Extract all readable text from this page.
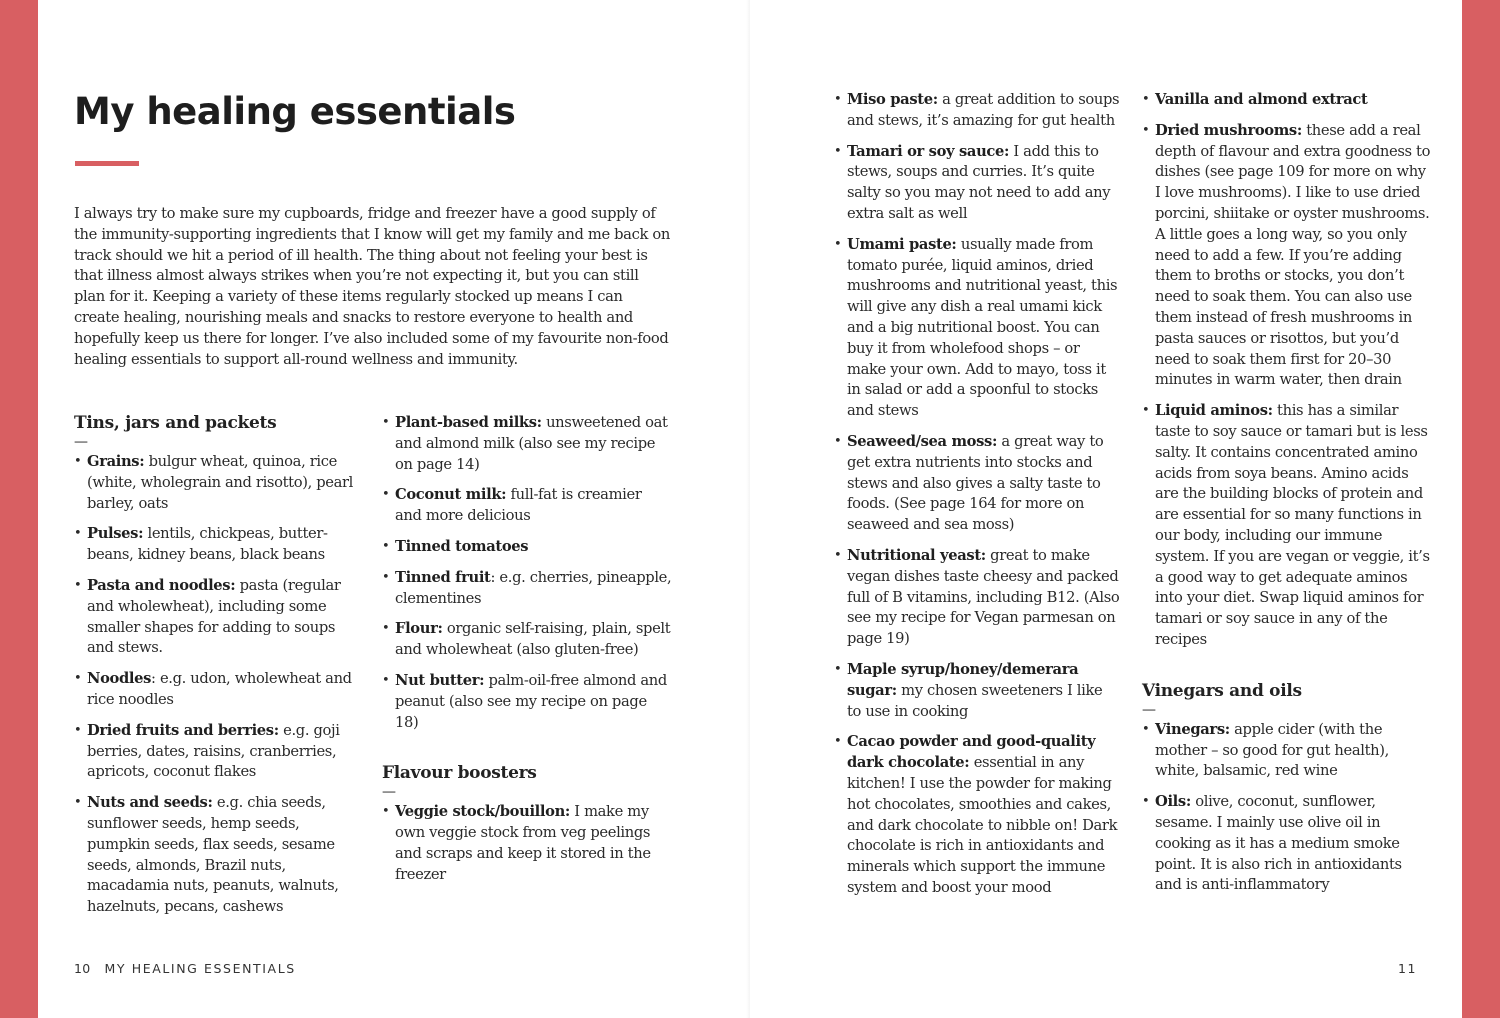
My healing essentials

I always try to make sure my cupboards, fridge and freezer have a good supply of the immunity-supporting ingredients that I know will get my family and me back on track should we hit a period of ill health. The thing about not feeling your best is that illness almost always strikes when you’re not expecting it, but you can still plan for it. Keeping a variety of these items regularly stocked up means I can create healing, nourishing meals and snacks to restore everyone to health and hopefully keep us there for longer. I’ve also included some of my favourite non-food healing essentials to support all-round wellness and immunity.

Tins, jars and packets
—
• Grains: bulgur wheat, quinoa, rice (white, wholegrain and risotto), pearl barley, oats
• Pulses: lentils, chickpeas, butter-beans, kidney beans, black beans
• Pasta and noodles: pasta (regular and wholewheat), including some smaller shapes for adding to soups and stews.
• Noodles: e.g. udon, wholewheat and rice noodles
• Dried fruits and berries: e.g. goji berries, dates, raisins, cranberries, apricots, coconut flakes
• Nuts and seeds: e.g. chia seeds, sunflower seeds, hemp seeds, pumpkin seeds, flax seeds, sesame seeds, almonds, Brazil nuts, macadamia nuts, peanuts, walnuts, hazelnuts, pecans, cashews
• Plant-based milks: unsweetened oat and almond milk (also see my recipe on page 14)
• Coconut milk: full-fat is creamier and more delicious
• Tinned tomatoes
• Tinned fruit: e.g. cherries, pineapple, clementines
• Flour: organic self-raising, plain, spelt and wholewheat (also gluten-free)
• Nut butter: palm-oil-free almond and peanut (also see my recipe on page 18)
Flavour boosters
—
• Veggie stock/bouillon: I make my own veggie stock from veg peelings and scraps and keep it stored in the freezer

10 MY HEALING ESSENTIALS

• Miso paste: a great addition to soups and stews, it’s amazing for gut health
• Tamari or soy sauce: I add this to stews, soups and curries. It’s quite salty so you may not need to add any extra salt as well
• Umami paste: usually made from tomato purée, liquid aminos, dried mushrooms and nutritional yeast, this will give any dish a real umami kick and a big nutritional boost. You can buy it from wholefood shops – or make your own. Add to mayo, toss it in salad or add a spoonful to stocks and stews
• Seaweed/sea moss: a great way to get extra nutrients into stocks and stews and also gives a salty taste to foods. (See page 164 for more on seaweed and sea moss)
• Nutritional yeast: great to make vegan dishes taste cheesy and packed full of B vitamins, including B12. (Also see my recipe for Vegan parmesan on page 19)
• Maple syrup/honey/demerara sugar: my chosen sweeteners I like to use in cooking
• Cacao powder and good-quality dark chocolate: essential in any kitchen! I use the powder for making hot chocolates, smoothies and cakes, and dark chocolate to nibble on! Dark chocolate is rich in antioxidants and minerals which support the immune system and boost your mood
• Vanilla and almond extract
• Dried mushrooms: these add a real depth of flavour and extra goodness to dishes (see page 109 for more on why I love mushrooms). I like to use dried porcini, shiitake or oyster mushrooms. A little goes a long way, so you only need to add a few. If you’re adding them to broths or stocks, you don’t need to soak them. You can also use them instead of fresh mushrooms in pasta sauces or risottos, but you’d need to soak them first for 20–30 minutes in warm water, then drain
• Liquid aminos: this has a similar taste to soy sauce or tamari but is less salty. It contains concentrated amino acids from soya beans. Amino acids are the building blocks of protein and are essential for so many functions in our body, including our immune system. If you are vegan or veggie, it’s a good way to get adequate aminos into your diet. Swap liquid aminos for tamari or soy sauce in any of the recipes
Vinegars and oils
—
• Vinegars: apple cider (with the mother – so good for gut health), white, balsamic, red wine
• Oils: olive, coconut, sunflower, sesame. I mainly use olive oil in cooking as it has a medium smoke point. It is also rich in antioxidants and is anti-inflammatory

11
